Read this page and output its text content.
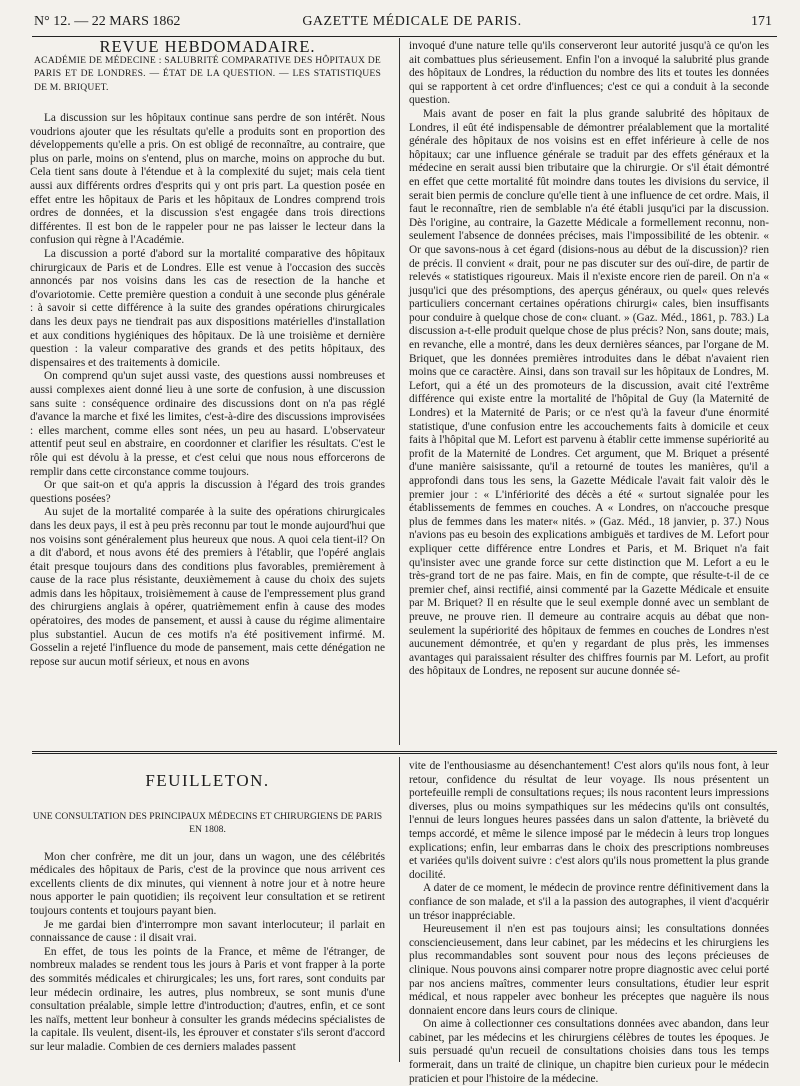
N° 12. — 22 MARS 1862	GAZETTE MÉDICALE DE PARIS.	171

REVUE HEBDOMADAIRE.

ACADÉMIE DE MÉDECINE : SALUBRITÉ COMPARATIVE DES HÔPITAUX DE PARIS ET DE LONDRES. — ÉTAT DE LA QUESTION. — LES STATISTIQUES DE M. BRIQUET.

La discussion sur les hôpitaux continue sans perdre de son intérêt. Nous voudrions ajouter que les résultats qu'elle a produits sont en proportion des développements qu'elle a pris. On est obligé de reconnaître, au contraire, que plus on parle, moins on s'entend, plus on marche, moins on approche du but. Cela tient sans doute à l'étendue et à la complexité du sujet; mais cela tient aussi aux différents ordres d'esprits qui y ont pris part. La question posée en effet entre les hôpitaux de Paris et les hôpitaux de Londres comprend trois ordres de données, et la discussion s'est engagée dans trois directions différentes. Il est bon de le rappeler pour ne pas laisser le lecteur dans la confusion qui règne à l'Académie.

La discussion a porté d'abord sur la mortalité comparative des hôpitaux chirurgicaux de Paris et de Londres. Elle est venue à l'occasion des succès annoncés par nos voisins dans les cas de resection de la hanche et d'ovariotomie. Cette première question a conduit à une seconde plus générale : à savoir si cette différence à la suite des grandes opérations chirurgicales dans les deux pays ne tiendrait pas aux dispositions matérielles d'installation et aux conditions hygiéniques des hôpitaux. De là une troisième et dernière question : la valeur comparative des grands et des petits hôpitaux, des dispensaires et des traitements à domicile.

On comprend qu'un sujet aussi vaste, des questions aussi nombreuses et aussi complexes aient donné lieu à une sorte de confusion, à une discussion sans suite : conséquence ordinaire des discussions dont on n'a pas réglé d'avance la marche et fixé les limites, c'est-à-dire des discussions improvisées : elles marchent, comme elles sont nées, un peu au hasard. L'observateur attentif peut seul en abstraire, en coordonner et clarifier les résultats. C'est le rôle qui est dévolu à la presse, et c'est celui que nous nous efforcerons de remplir dans cette circonstance comme toujours.

Or que sait-on et qu'a appris la discussion à l'égard des trois grandes questions posées?

Au sujet de la mortalité comparée à la suite des opérations chirurgicales dans les deux pays, il est à peu près reconnu par tout le monde aujourd'hui que nos voisins sont généralement plus heureux que nous. A quoi cela tient-il? On a dit d'abord, et nous avons été des premiers à l'établir, que l'opéré anglais était presque toujours dans des conditions plus favorables, premièrement à cause de la race plus résistante, deuxièmement à cause du choix des sujets admis dans les hôpitaux, troisièmement à cause de l'empressement plus grand des chirurgiens anglais à opérer, quatrièmement enfin à cause des modes opératoires, des modes de pansement, et aussi à cause du régime alimentaire plus substantiel. Aucun de ces motifs n'a été positivement infirmé. M. Gosselin a rejeté l'influence du mode de pansement, mais cette dénégation ne repose sur aucun motif sérieux, et nous en avons

invoqué d'une nature telle qu'ils conserveront leur autorité jusqu'à ce qu'on les ait combattues plus sérieusement. Enfin l'on a invoqué la salubrité plus grande des hôpitaux de Londres, la réduction du nombre des lits et toutes les données qui se rapportent à cet ordre d'influences; c'est ce qui a conduit à la seconde question.

Mais avant de poser en fait la plus grande salubrité des hôpitaux de Londres, il eût été indispensable de démontrer préalablement que la mortalité générale des hôpitaux de nos voisins est en effet inférieure à celle de nos hôpitaux; car une influence générale se traduit par des effets généraux et la médecine en serait aussi bien tributaire que la chirurgie. Or s'il était démontré en effet que cette mortalité fût moindre dans toutes les divisions du service, il serait bien permis de conclure qu'elle tient à une influence de cet ordre. Mais, il faut le reconnaître, rien de semblable n'a été établi jusqu'ici par la discussion. Dès l'origine, au contraire, la Gazette Médicale a formellement reconnu, non-seulement l'absence de données précises, mais l'impossibilité de les obtenir. « Or que savons-nous à cet égard (disions-nous au début de la discussion)? rien de précis. Il convient « drait, pour ne pas discuter sur des ouï-dire, de partir de relevés « statistiques rigoureux. Mais il n'existe encore rien de pareil. On n'a « jusqu'ici que des présomptions, des aperçus généraux, ou quel« ques relevés particuliers concernant certaines opérations chirurgi« cales, bien insuffisants pour conduire à quelque chose de con« cluant. » (Gaz. Méd., 1861, p. 783.) La discussion a-t-elle produit quelque chose de plus précis? Non, sans doute; mais, en revanche, elle a montré, dans les deux dernières séances, par l'organe de M. Briquet, que les données premières introduites dans le débat n'avaient rien moins que ce caractère. Ainsi, dans son travail sur les hôpitaux de Londres, M. Lefort, qui a été un des promoteurs de la discussion, avait cité l'extrême différence qui existe entre la mortalité de l'hôpital de Guy (la Maternité de Londres) et la Maternité de Paris; or ce n'est qu'à la faveur d'une énormité statistique, d'une confusion entre les accouchements faits à domicile et ceux faits à l'hôpital que M. Lefort est parvenu à établir cette immense supériorité au profit de la Maternité de Londres. Cet argument, que M. Briquet a présenté d'une manière saisissante, qu'il a retourné de toutes les manières, qu'il a approfondi dans tous les sens, la Gazette Médicale l'avait fait valoir dès le premier jour : « L'infériorité des décès a été « surtout signalée pour les établissements de femmes en couches. A « Londres, on n'accouche presque plus de femmes dans les mater« nités. » (Gaz. Méd., 18 janvier, p. 37.) Nous n'avions pas eu besoin des explications ambiguës et tardives de M. Lefort pour expliquer cette différence entre Londres et Paris, et M. Briquet n'a fait qu'insister avec une grande force sur cette distinction que M. Lefort a eu le très-grand tort de ne pas faire. Mais, en fin de compte, que résulte-t-il de ce premier chef, ainsi rectifié, ainsi commenté par la Gazette Médicale et ensuite par M. Briquet? Il en résulte que le seul exemple donné avec un semblant de preuve, ne prouve rien. Il demeure au contraire acquis au débat que non-seulement la supériorité des hôpitaux de femmes en couches de Londres n'est aucunement démontrée, et qu'en y regardant de plus près, les immenses avantages qui paraissaient résulter des chiffres fournis par M. Lefort, au profit des hôpitaux de Londres, ne reposent sur aucune donnée sé-

FEUILLETON.

UNE CONSULTATION DES PRINCIPAUX MÉDECINS ET CHIRURGIENS DE PARIS EN 1808.

Mon cher confrère, me dit un jour, dans un wagon, une des célébrités médicales des hôpitaux de Paris, c'est de la province que nous arrivent ces excellents clients de dix minutes, qui viennent à notre jour et à notre heure nous apporter le pain quotidien; ils reçoivent leur consultation et se retirent toujours contents et toujours payant bien.

Je me gardai bien d'interrompre mon savant interlocuteur; il parlait en connaissance de cause : il disait vrai.

En effet, de tous les points de la France, et même de l'étranger, de nombreux malades se rendent tous les jours à Paris et vont frapper à la porte des sommités médicales et chirurgicales; les uns, fort rares, sont conduits par leur médecin ordinaire, les autres, plus nombreux, se sont munis d'une consultation préalable, simple lettre d'introduction; d'autres, enfin, et ce sont les naïfs, mettent leur bonheur à consulter les grands médecins spécialistes de la capitale. Ils veulent, disent-ils, les éprouver et constater s'ils seront d'accord sur leur maladie. Combien de ces derniers malades passent

vite de l'enthousiasme au désenchantement! C'est alors qu'ils nous font, à leur retour, confidence du résultat de leur voyage. Ils nous présentent un portefeuille rempli de consultations reçues; ils nous racontent leurs impressions diverses, plus ou moins sympathiques sur les médecins qu'ils ont consultés, l'ennui de leurs longues heures passées dans un salon d'attente, la brièveté du temps accordé, et même le silence imposé par le médecin à leurs trop longues explications; enfin, leur embarras dans le choix des prescriptions nombreuses et variées qu'ils doivent suivre : c'est alors qu'ils nous promettent la plus grande docilité.

A dater de ce moment, le médecin de province rentre définitivement dans la confiance de son malade, et s'il a la passion des autographes, il vient d'acquérir un trésor inappréciable.

Heureusement il n'en est pas toujours ainsi; les consultations données consciencieusement, dans leur cabinet, par les médecins et les chirurgiens les plus recommandables sont souvent pour nous des leçons précieuses de clinique. Nous pouvons ainsi comparer notre propre diagnostic avec celui porté par nos anciens maîtres, commenter leurs consultations, étudier leur esprit médical, et nous rappeler avec bonheur les préceptes que naguère ils nous donnaient encore dans leurs cours de clinique.

On aime à collectionner ces consultations données avec abandon, dans leur cabinet, par les médecins et les chirurgiens célèbres de toutes les époques. Je suis persuadé qu'un recueil de consultations choisies dans tous les temps formerait, dans un traité de clinique, un chapitre bien curieux pour le médecin praticien et pour l'histoire de la médecine.
